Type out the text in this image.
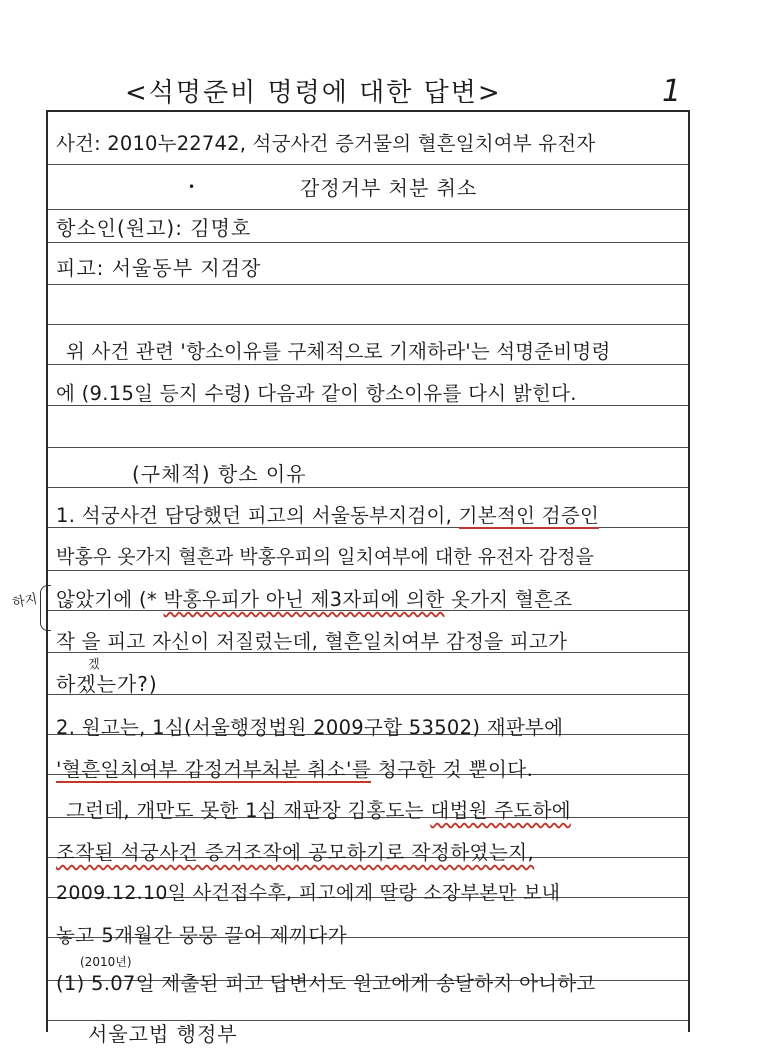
<석명준비 명령에 대한 답변>	1
하지
사건: 2010누22742, 석궁사건 증거물의 혈흔일치여부 유전자
•	감정거부 처분 취소
항소인(원고): 김명호
피고: 서울동부 지검장
위 사건 관련 '항소이유를 구체적으로 기재하라'는 석명준비명령
에 (9.15일 등지 수령) 다음과 같이 항소이유를 다시 밝힌다.
(구체적) 항소 이유
1. 석궁사건 담당했던 피고의 서울동부지검이, 기본적인 검증인
박홍우 옷가지 혈흔과 박홍우피의 일치여부에 대한 유전자 감정을
않았기에 (* 박홍우피가 아닌 제3자피에 의한 옷가지 혈흔조
작 을 피고 자신이 저질렀는데, 혈흔일치여부 감정을 피고가
겠
하겠는가?)
2. 원고는, 1심(서울행정법원 2009구합 53502) 재판부에
'혈흔일치여부 감정거부처분 취소'를 청구한 것 뿐이다.
그런데, 개만도 못한 1심 재판장 김홍도는 대법원 주도하에
조작된 석궁사건 증거조작에 공모하기로 작정하였는지,
2009.12.10일 사건접수후, 피고에게 딸랑 소장부본만 보내
놓고 5개월간 뭉뭉 끌어 제끼다가
(2010년)
(1) 5.07일 제출된 피고 답변서도 원고에게 송달하지 아니하고
서울고법 행정부
